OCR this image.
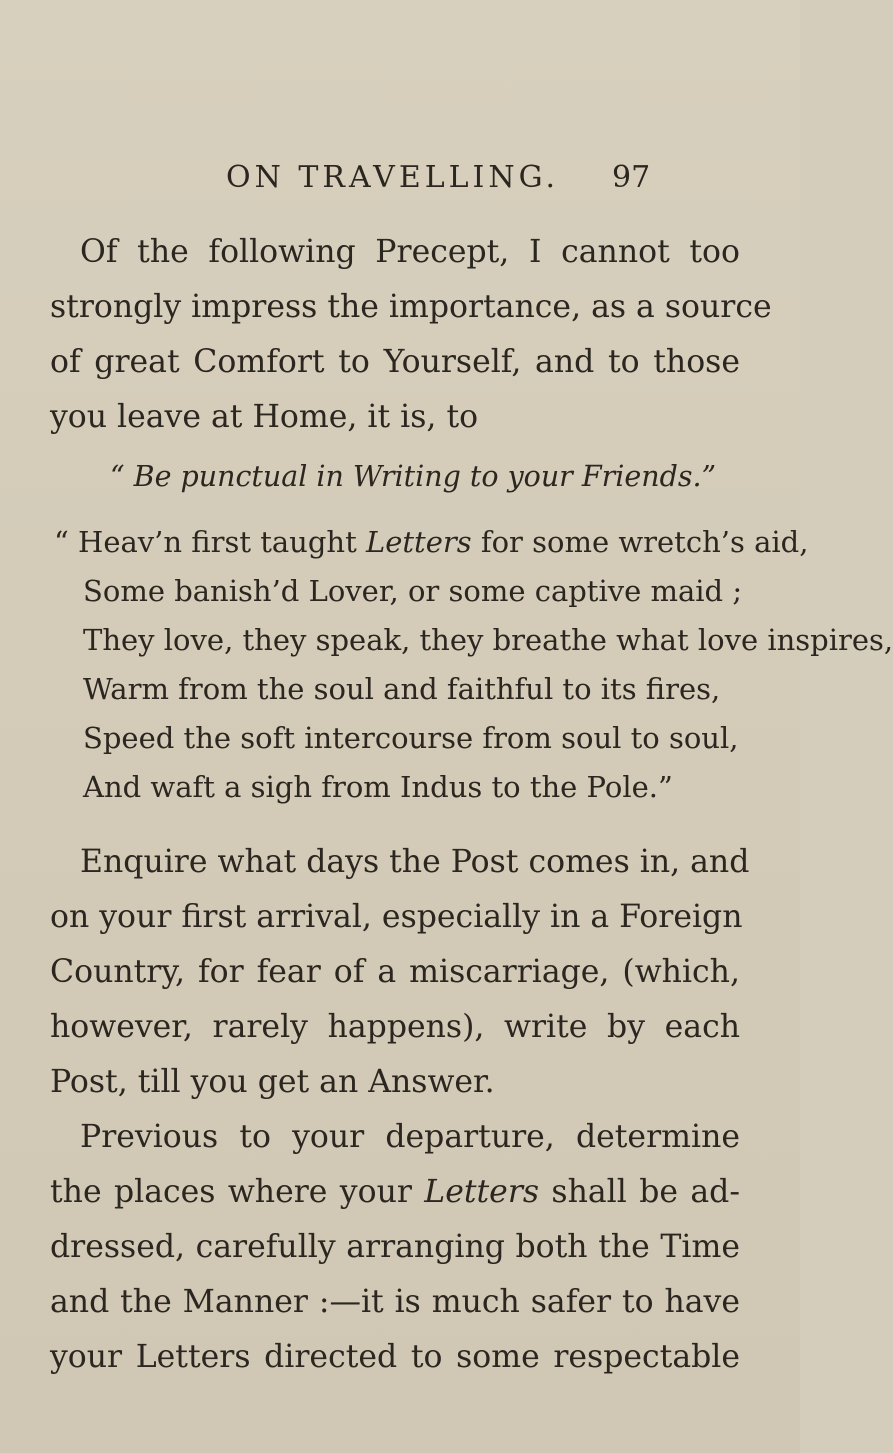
ON TRAVELLING. 97
Of the following Precept, I cannot too
strongly impress the importance, as a source
of great Comfort to Yourself, and to those
you leave at Home, it is, to
“ Be punctual in Writing to your Friends.”
“ Heav’n first taught Letters for some wretch’s aid,
Some banish’d Lover, or some captive maid ;
They love, they speak, they breathe what love inspires,
Warm from the soul and faithful to its fires,
Speed the soft intercourse from soul to soul,
And waft a sigh from Indus to the Pole.”
Enquire what days the Post comes in, and
on your first arrival, especially in a Foreign
Country, for fear of a miscarriage, (which,
however, rarely happens), write by each
Post, till you get an Answer.
Previous to your departure, determine
the places where your Letters shall be ad-
dressed, carefully arranging both the Time
and the Manner :—it is much safer to have
your Letters directed to some respectable
